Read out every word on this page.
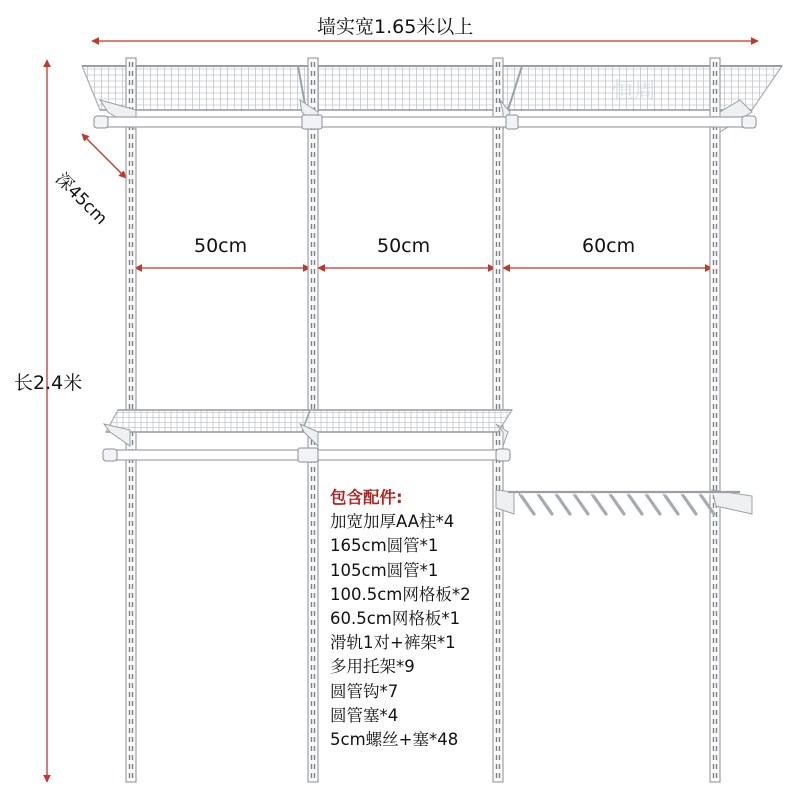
恒周
墙实宽1.65米以上
长2.4米
深45cm
50cm	50cm	60cm
包含配件:
加宽加厚AA柱*4
165cm圆管*1
105cm圆管*1
100.5cm网格板*2
60.5cm网格板*1
滑轨1对+裤架*1
多用托架*9
圆管钩*7
圆管塞*4
5cm螺丝+塞*48
